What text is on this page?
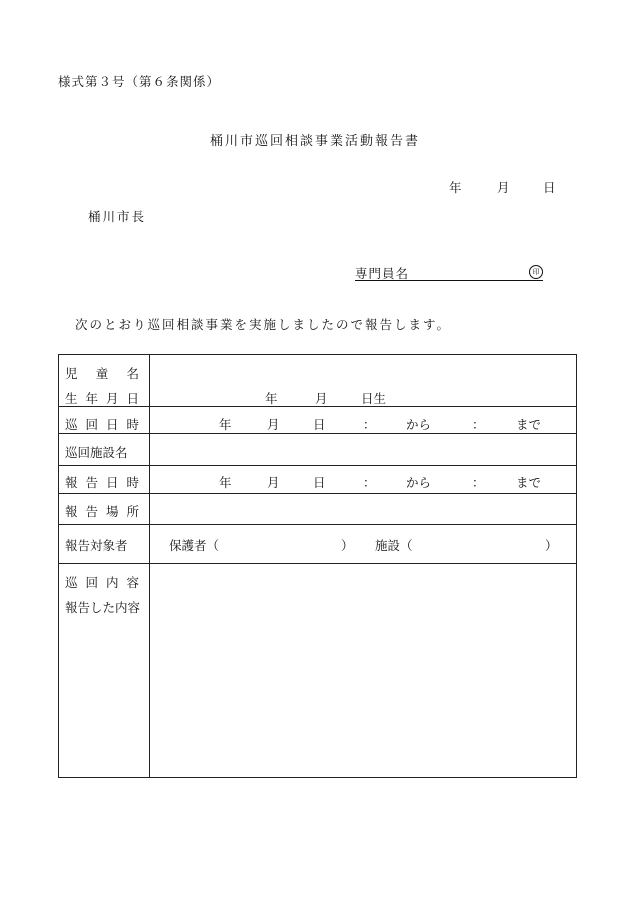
様式第３号（第６条関係）
桶川市巡回相談事業活動報告書
年	月	日
桶川市長
専門員名	印
次のとおり巡回相談事業を実施しましたので報告します。
児 童 名
生 年 月 日	年	月	日生
巡 回 日 時	年	月	日	： から	：	まで
巡回施設名
報 告 日 時	年	月	日	： から	：	まで
報 告 場 所
報告対象者	保護者（	） 施設（	）
巡 回 内 容
報告した内容
